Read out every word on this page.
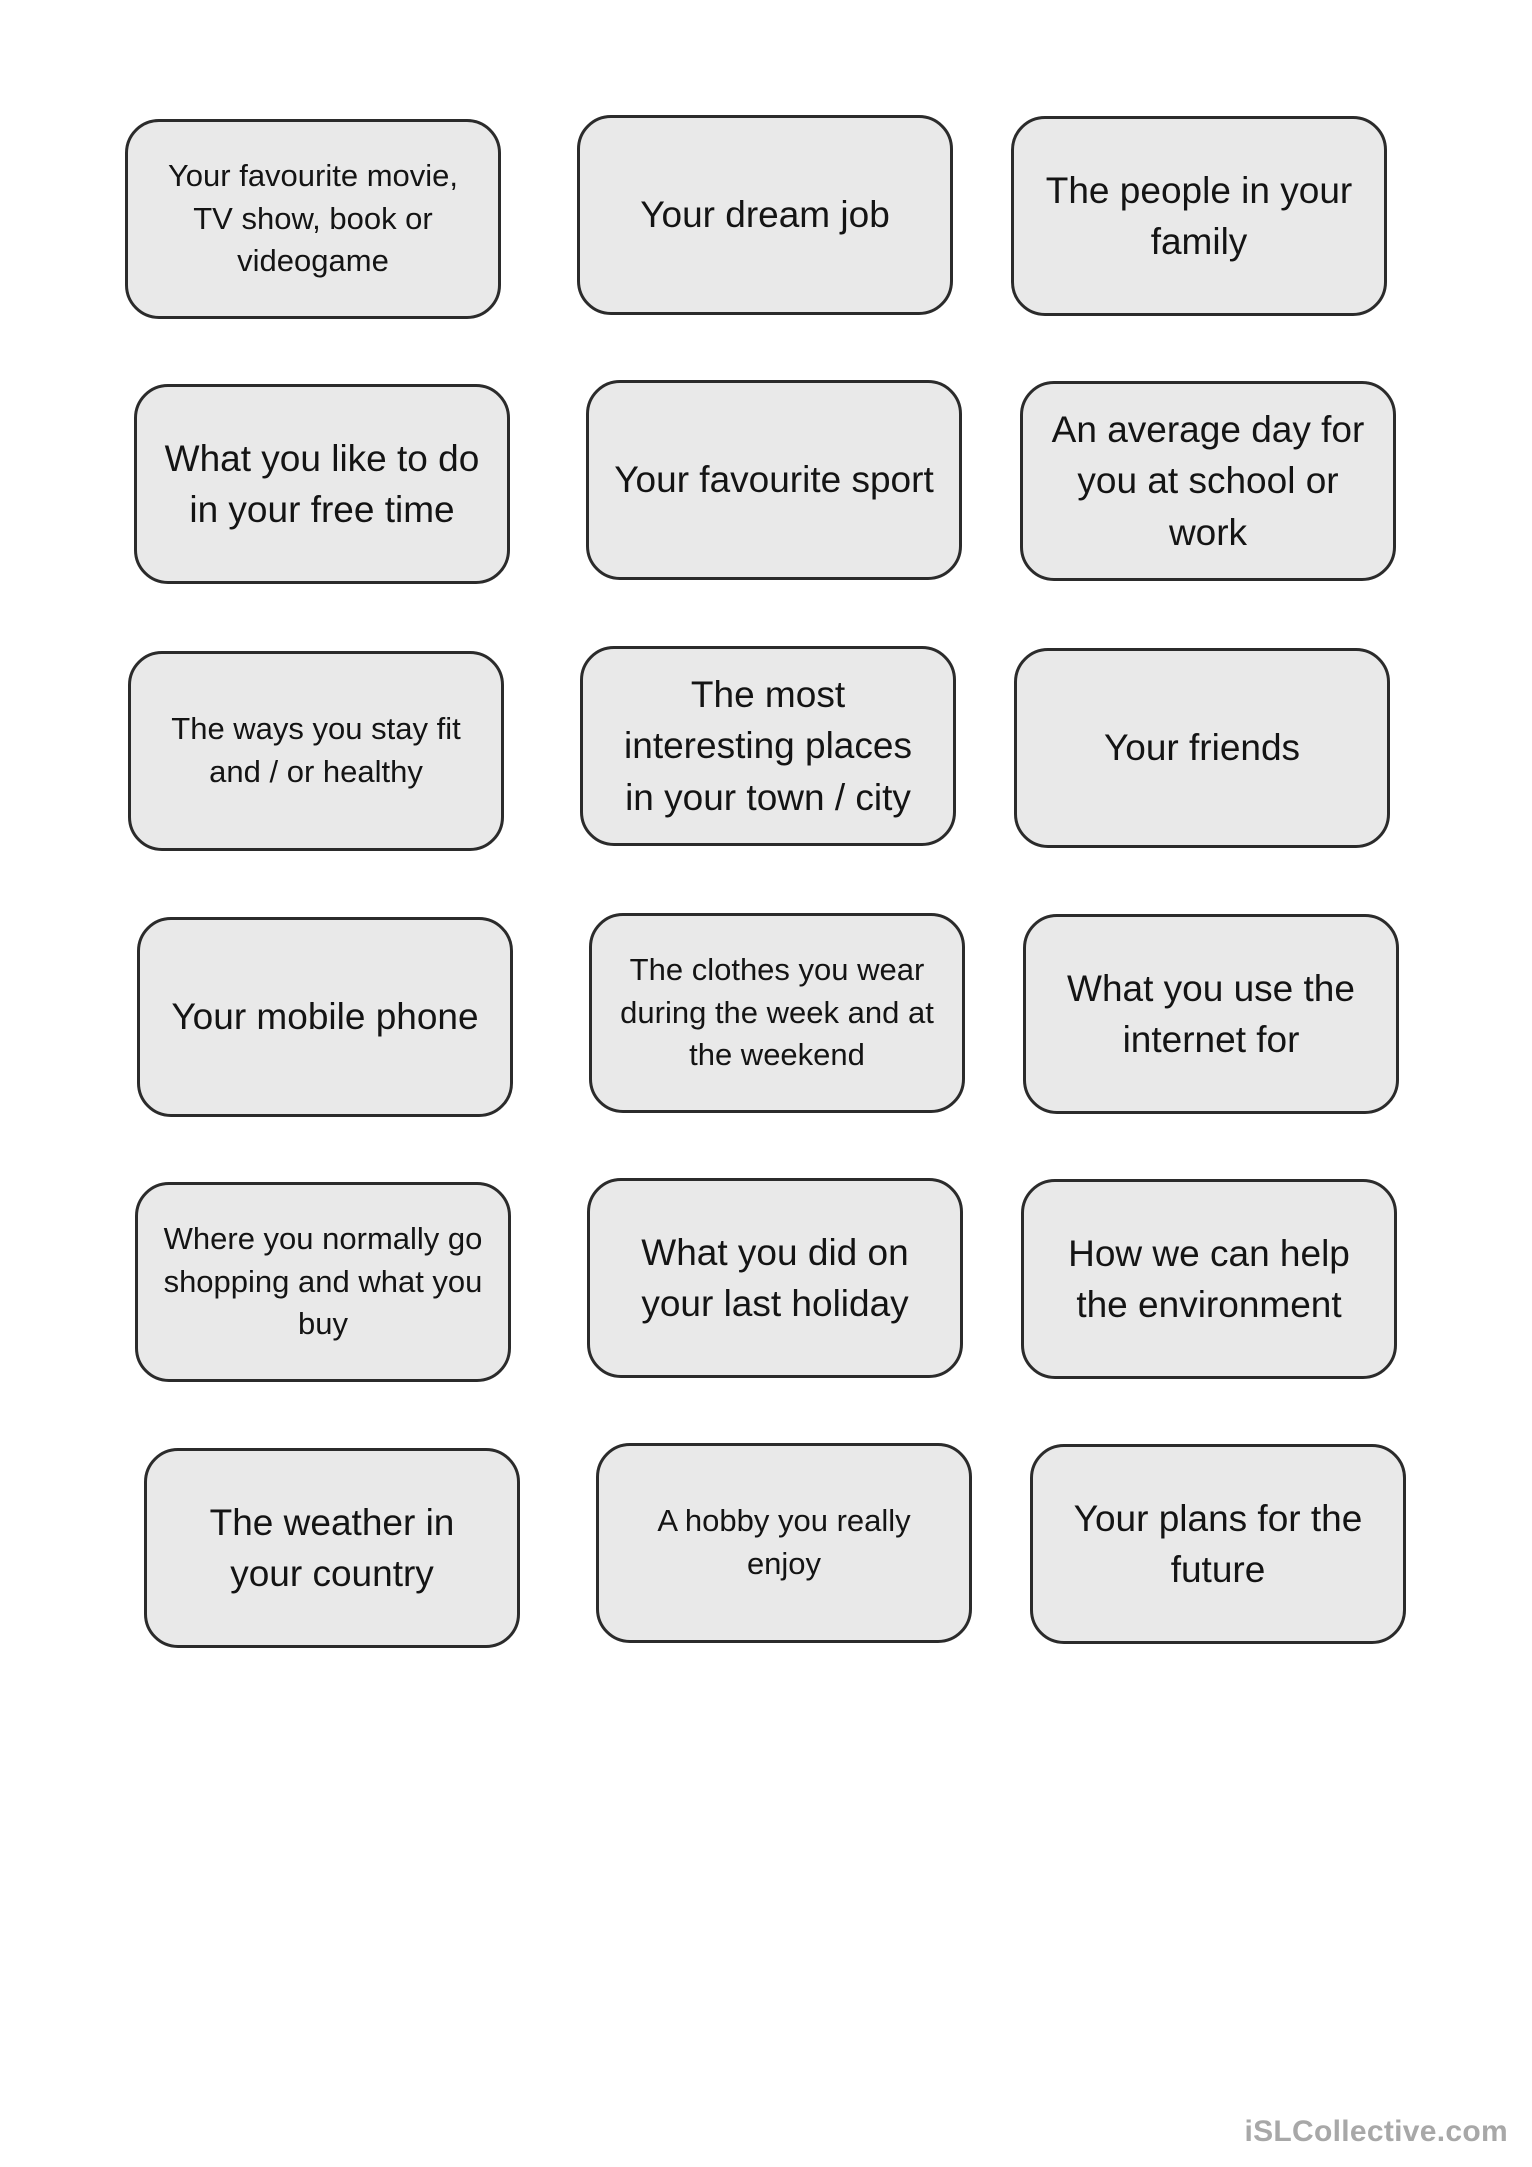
Your favourite movie, TV show, book or videogame
Your dream job
The people in your family
What you like to do in your free time
Your favourite sport
An average day for you at school or work
The ways you stay fit and / or healthy
The most interesting places in your town / city
Your friends
Your mobile phone
The clothes you wear during the week and at the weekend
What you use the internet for
Where you normally go shopping and what you buy
What you did on your last holiday
How we can help the environment
The weather in your country
A hobby you really enjoy
Your plans for the future
iSLCollective.com
